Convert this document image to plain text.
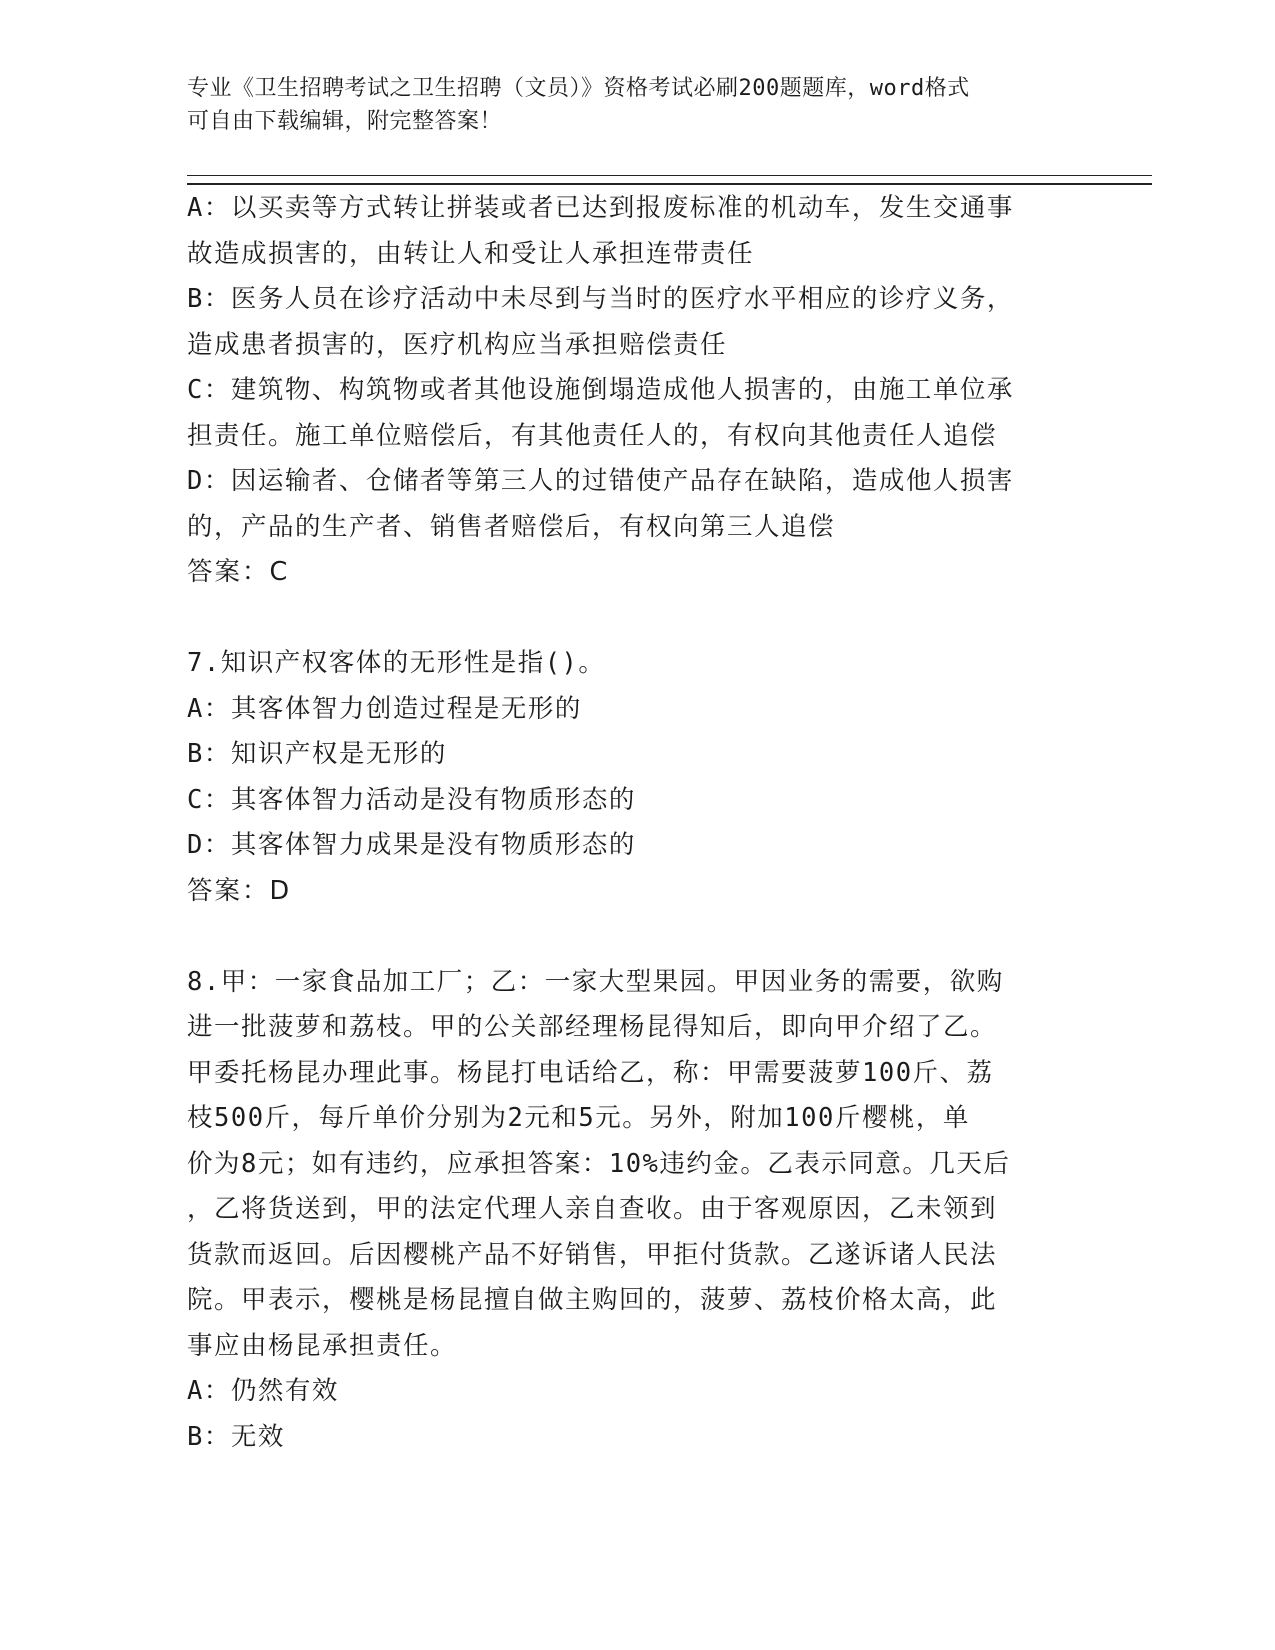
专业《卫生招聘考试之卫生招聘（文员）》资格考试必刷200题题库，word格式
可自由下载编辑，附完整答案！
A：以买卖等方式转让拼装或者已达到报废标准的机动车，发生交通事
故造成损害的，由转让人和受让人承担连带责任
B：医务人员在诊疗活动中未尽到与当时的医疗水平相应的诊疗义务，
造成患者损害的，医疗机构应当承担赔偿责任
C：建筑物、构筑物或者其他设施倒塌造成他人损害的，由施工单位承
担责任。施工单位赔偿后，有其他责任人的，有权向其他责任人追偿
D：因运输者、仓储者等第三人的过错使产品存在缺陷，造成他人损害
的，产品的生产者、销售者赔偿后，有权向第三人追偿
答案：C
7.知识产权客体的无形性是指()。
A：其客体智力创造过程是无形的
B：知识产权是无形的
C：其客体智力活动是没有物质形态的
D：其客体智力成果是没有物质形态的
答案：D
8.甲：一家食品加工厂；乙：一家大型果园。甲因业务的需要，欲购
进一批菠萝和荔枝。甲的公关部经理杨昆得知后，即向甲介绍了乙。
甲委托杨昆办理此事。杨昆打电话给乙，称：甲需要菠萝100斤、荔
枝500斤，每斤单价分别为2元和5元。另外，附加100斤樱桃，单
价为8元；如有违约，应承担答案：10%违约金。乙表示同意。几天后
，乙将货送到，甲的法定代理人亲自查收。由于客观原因，乙未领到
货款而返回。后因樱桃产品不好销售，甲拒付货款。乙遂诉诸人民法
院。甲表示，樱桃是杨昆擅自做主购回的，菠萝、荔枝价格太高，此
事应由杨昆承担责任。
A：仍然有效
B：无效
